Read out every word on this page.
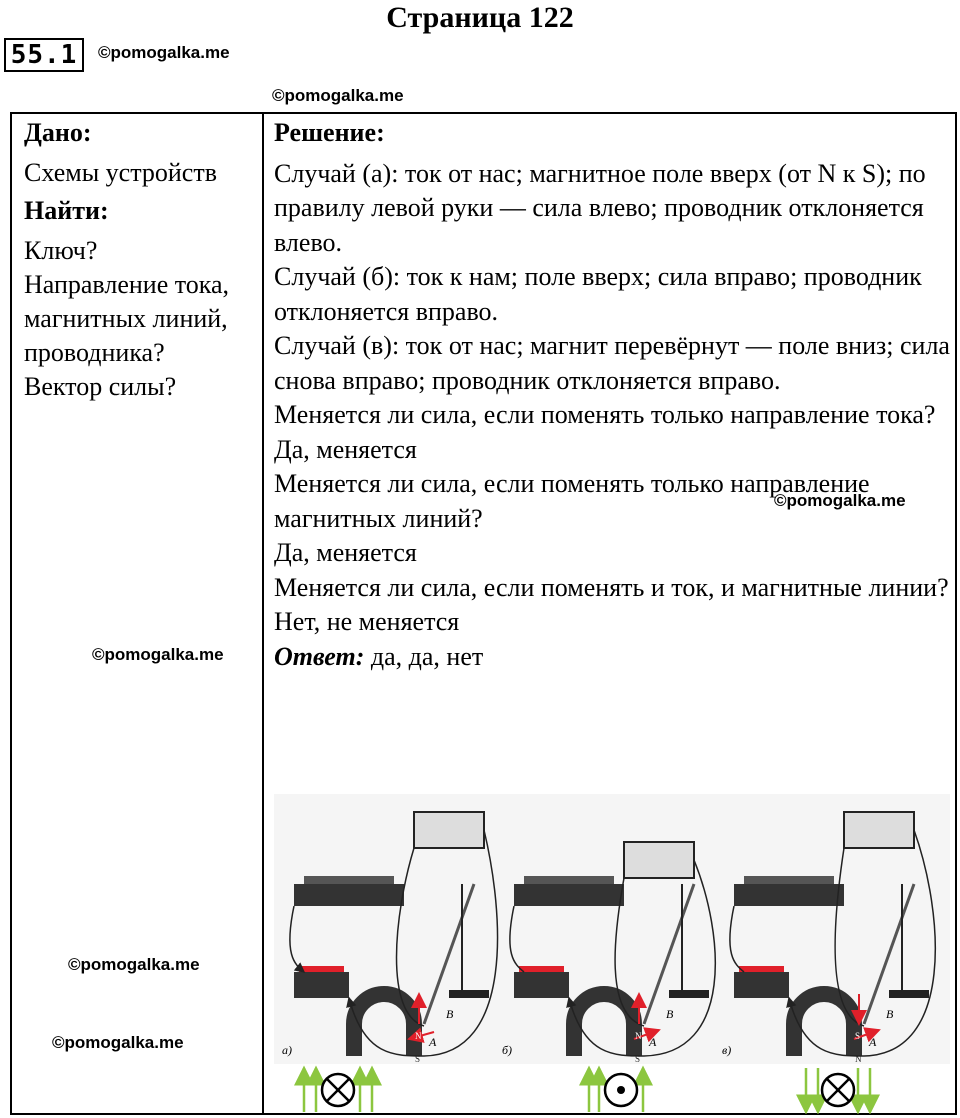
Страница 122
55.1	©pomogalka.me
©pomogalka.me
©pomogalka.me
©pomogalka.me
©pomogalka.me
©pomogalka.me
Дано:
Схемы устройств
Найти:
Ключ?
Направление тока, магнитных линий, проводника?
Вектор силы?
Решение:

Случай (а): ток от нас; магнитное поле вверх (от N к S); по правилу левой руки — сила влево; проводник отклоняется влево.

Случай (б): ток к нам; поле вверх; сила вправо; проводник отклоняется вправо.

Случай (в): ток от нас; магнит перевёрнут — поле вниз; сила снова вправо; проводник отклоняется вправо.

Меняется ли сила, если поменять только направление тока?

Да, меняется

Меняется ли сила, если поменять только направление магнитных линий?

Да, меняется

Меняется ли сила, если поменять и ток, и магнитные линии?

Нет, не меняется

Ответ: да, да, нет

A
B
N
S
а)
A
B
N
S
б)
A
B
S
N
в)
